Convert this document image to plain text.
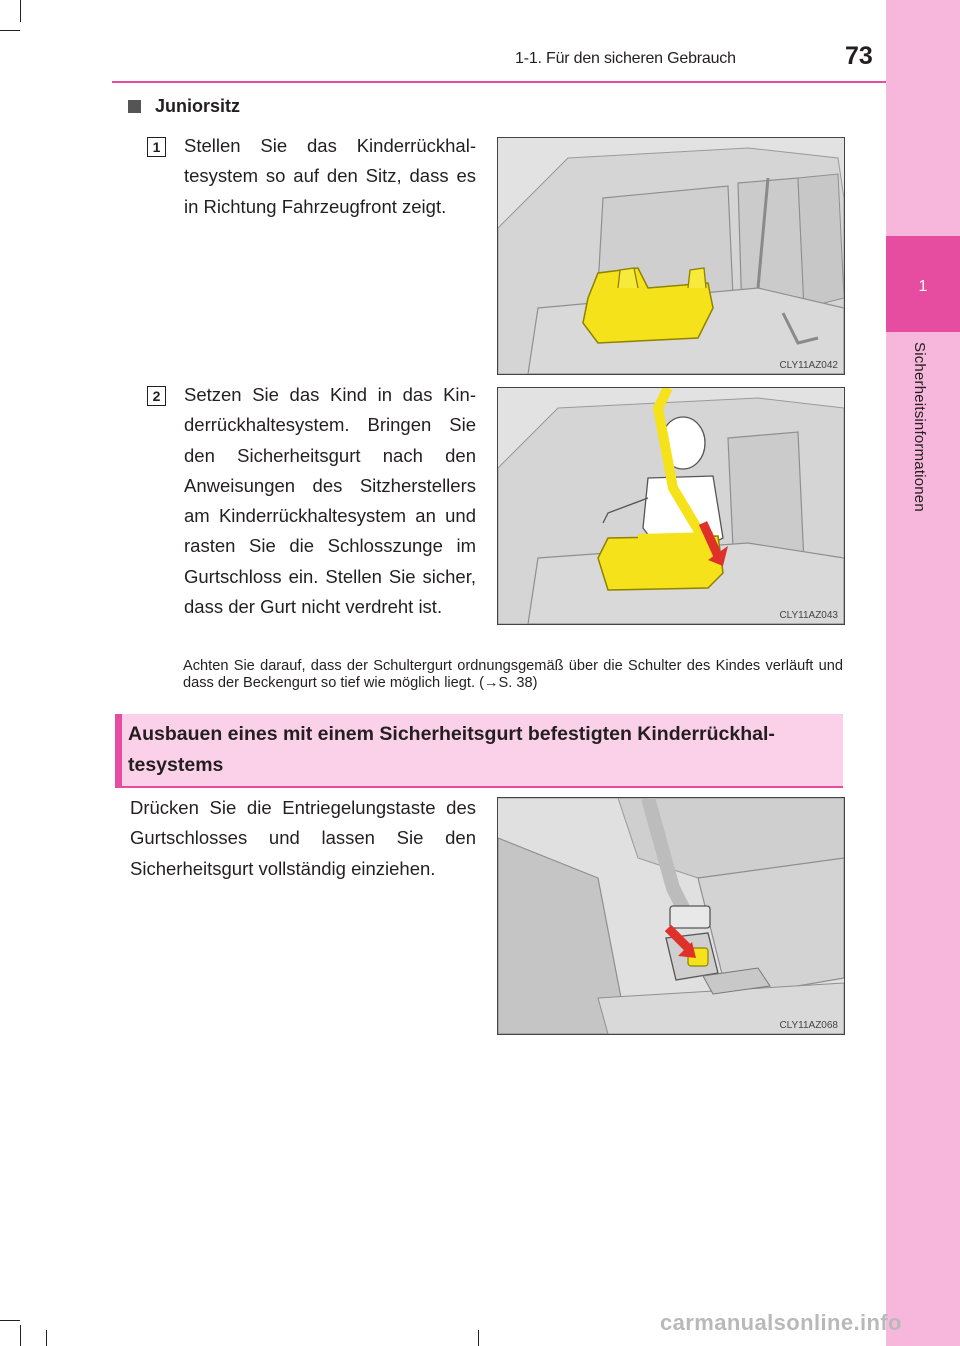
1
Sicherheitsinformationen
1-1. Für den sicheren Gebrauch	73
Juniorsitz
1	Stellen Sie das Kinderrückhaltesystem so auf den Sitz, dass es in Richtung Fahrzeugfront zeigt.
CLY11AZ042
2	Setzen Sie das Kind in das Kinderrückhaltesystem. Bringen Sie den Sicherheitsgurt nach den Anweisungen des Sitzherstellers am Kinderrückhaltesystem an und rasten Sie die Schlosszunge im Gurtschloss ein. Stellen Sie sicher, dass der Gurt nicht verdreht ist.	CLY11AZ043
Achten Sie darauf, dass der Schultergurt ordnungsgemäß über die Schulter des Kindes verläuft und dass der Beckengurt so tief wie möglich liegt. (→S. 38)
Ausbauen eines mit einem Sicherheitsgurt befestigten Kinderrückhaltesystems
Drücken Sie die Entriegelungstaste des Gurtschlosses und lassen Sie den Sicherheitsgurt vollständig einziehen.
CLY11AZ068
carmanualsonline.info
